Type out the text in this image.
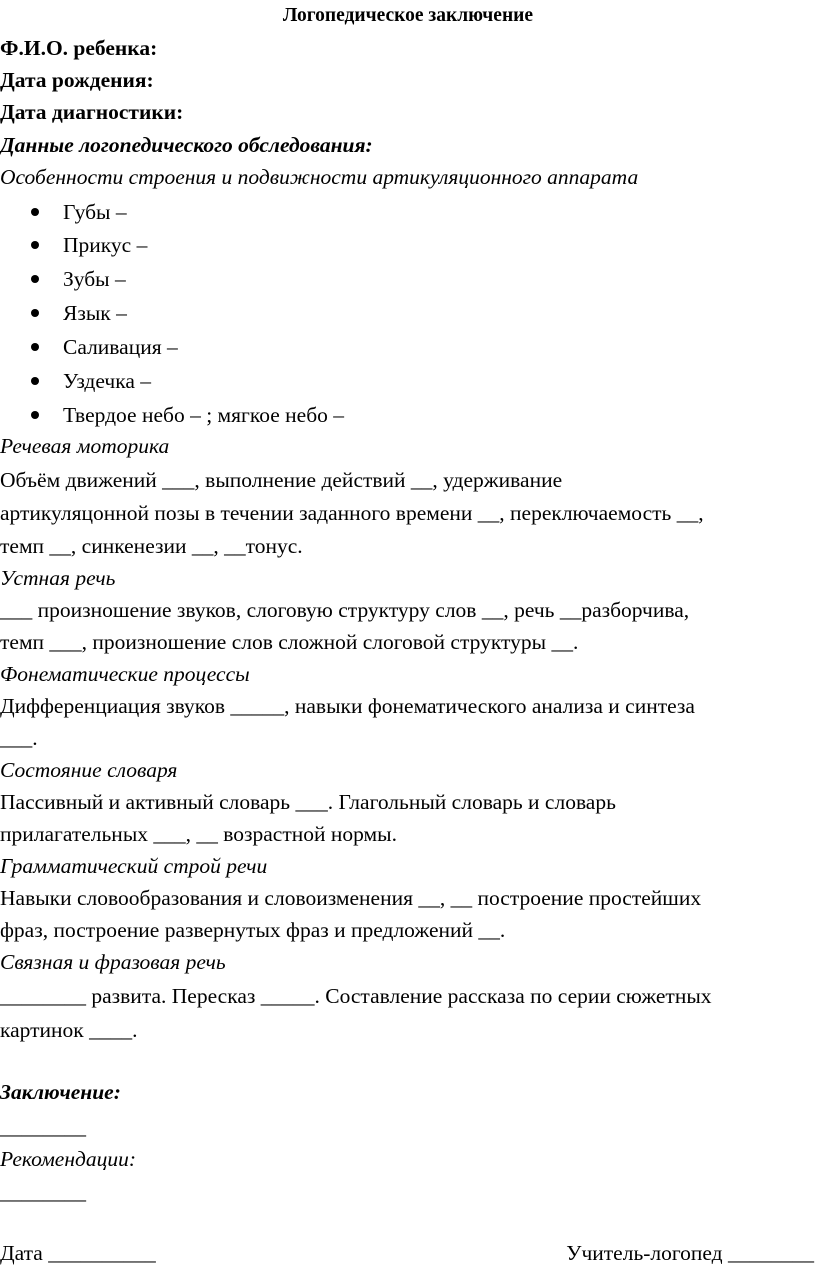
Логопедическое заключение
Ф.И.О. ребенка:
Дата рождения:
Дата диагностики:
Данные логопедического обследования:
Особенности строения и подвижности артикуляционного аппарата
Губы –
Прикус –
Зубы –
Язык –
Саливация –
Уздечка –
Твердое небо – ; мягкое небо –
Речевая моторика
Объём движений ___, выполнение действий __, удерживание
артикуляцонной позы в течении заданного времени __, переключаемость __,
темп __, синкенезии __, __тонус.
Устная речь
___ произношение звуков, слоговую структуру слов __, речь __разборчива,
темп ___, произношение слов сложной слоговой структуры __.
Фонематические процессы
Дифференциация звуков _____, навыки фонематического анализа и синтеза
___.
Состояние словаря
Пассивный и активный словарь ___. Глагольный словарь и словарь
прилагательных ___, __ возрастной нормы.
Грамматический строй речи
Навыки словообразования и словоизменения __, __ построение простейших
фраз, построение развернутых фраз и предложений __.
Связная и фразовая речь
________ развита. Пересказ _____. Составление рассказа по серии сюжетных
картинок ____.
Заключение:
________
Рекомендации:
________
Дата __________	Учитель-логопед ________
